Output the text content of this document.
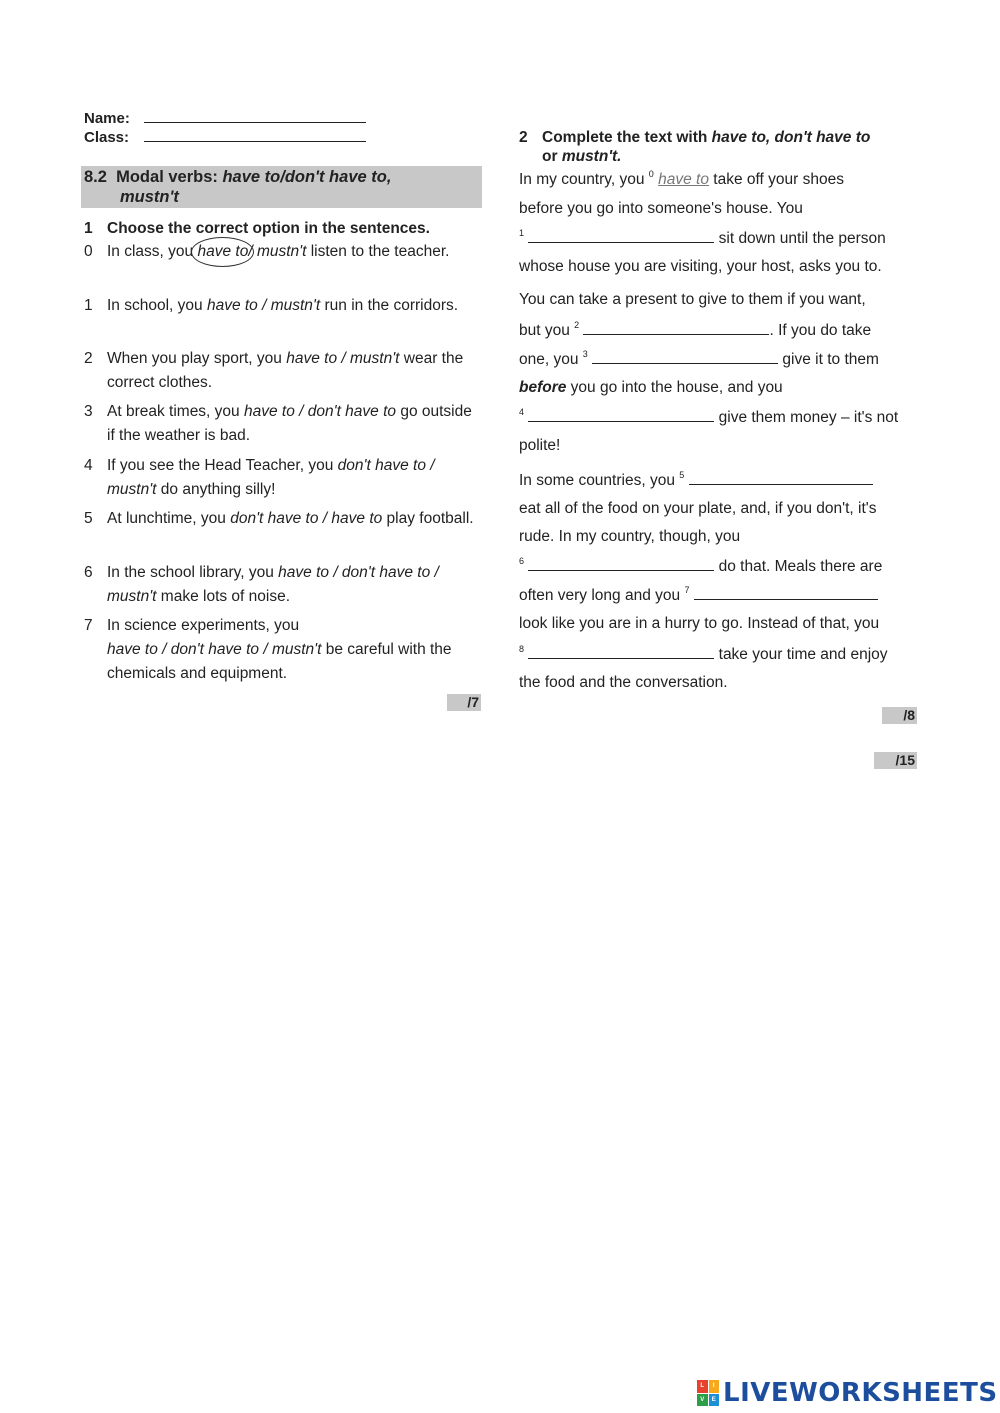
Name:
Class:
8.2 Modal verbs: have to/don't have to,
mustn't
1 Choose the correct option in the sentences.
0 In class, you have to/ mustn't listen to the teacher.
1 In school, you have to / mustn't run in the corridors.
2 When you play sport, you have to / mustn't wear the correct clothes.
3 At break times, you have to / don't have to go outside if the weather is bad.
4 If you see the Head Teacher, you don't have to / mustn't do anything silly!
5 At lunchtime, you don't have to / have to play football.
6 In the school library, you have to / don't have to / mustn't make lots of noise.
7 In science experiments, you
have to / don't have to / mustn't be careful with the chemicals and equipment.
/7
2 Complete the text with have to, don't have to
or mustn't.
In my country, you $^0$ have to take off your shoes
before you go into someone's house. You
$^1$	sit down until the person
whose house you are visiting, your host, asks you to.
You can take a present to give to them if you want,
but you $^2$	. If you do take
one, you $^3$	give it to them
before you go into the house, and you
$^4$	give them money – it's not
polite!
In some countries, you $^5$
eat all of the food on your plate, and, if you don't, it's
rude. In my country, though, you
$^6$	do that. Meals there are
often very long and you $^7$
look like you are in a hurry to go. Instead of that, you
$^8$	take your time and enjoy
the food and the conversation.
/8
/15
L	I
V	E LIVEWORKSHEETS
